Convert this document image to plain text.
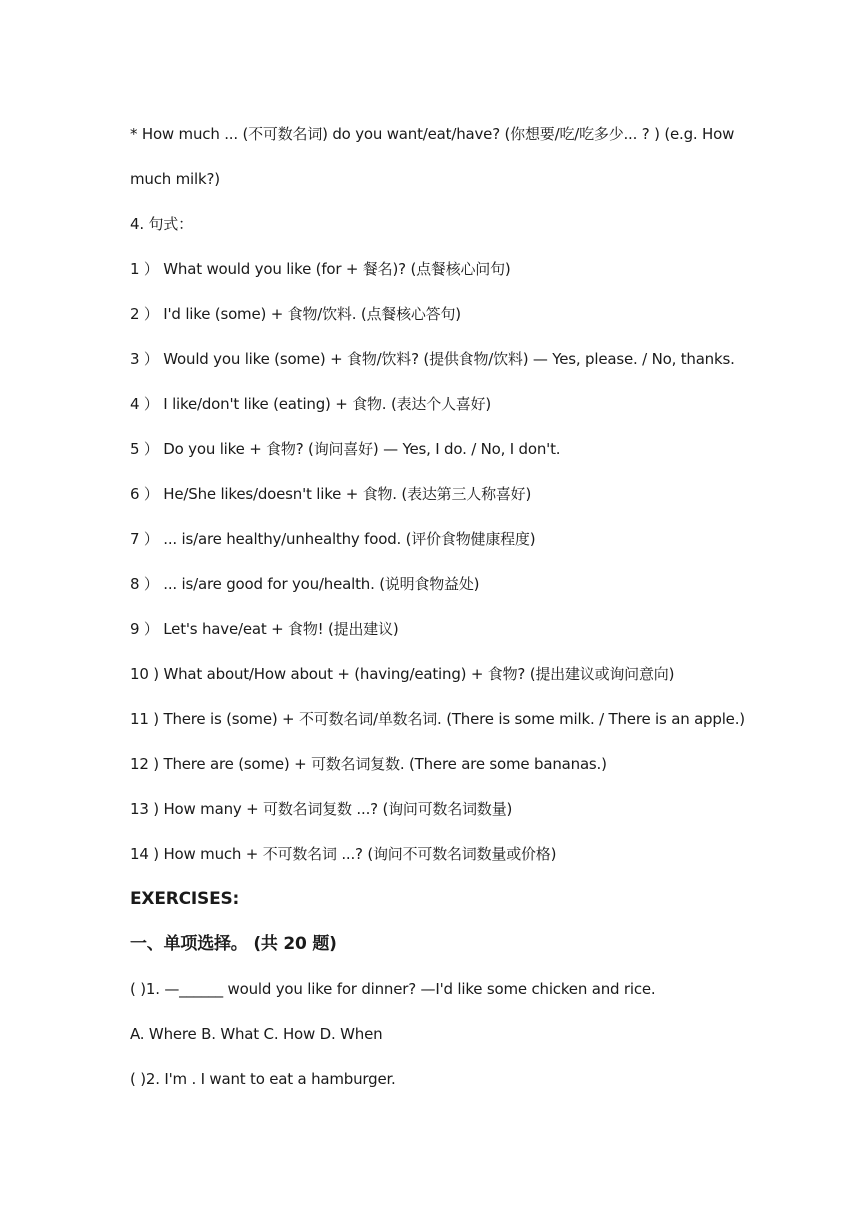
* How much ... (不可数名词) do you want/eat/have? (你想要/吃/吃多少... ? ) (e.g. How
much milk?)
4. 句式：
1 ） What would you like (for + 餐名)? (点餐核心问句)
2 ） I'd like (some) + 食物/饮料. (点餐核心答句)
3 ） Would you like (some) + 食物/饮料? (提供食物/饮料) — Yes, please. / No, thanks.
4 ） I like/don't like (eating) + 食物. (表达个人喜好)
5 ） Do you like + 食物? (询问喜好) — Yes, I do. / No, I don't.
6 ） He/She likes/doesn't like + 食物. (表达第三人称喜好)
7 ） ... is/are healthy/unhealthy food. (评价食物健康程度)
8 ） ... is/are good for you/health. (说明食物益处)
9 ） Let's have/eat + 食物! (提出建议)
10 ) What about/How about + (having/eating) + 食物? (提出建议或询问意向)
11 ) There is (some) + 不可数名词/单数名词. (There is some milk. / There is an apple.)
12 ) There are (some) + 可数名词复数. (There are some bananas.)
13 ) How many + 可数名词复数 ...? (询问可数名词数量)
14 ) How much + 不可数名词 ...? (询问不可数名词数量或价格)
EXERCISES:
一、单项选择。 (共 20 题)
( )1. —______ would you like for dinner? —I'd like some chicken and rice.
A. Where B. What C. How D. When
( )2. I'm . I want to eat a hamburger.
